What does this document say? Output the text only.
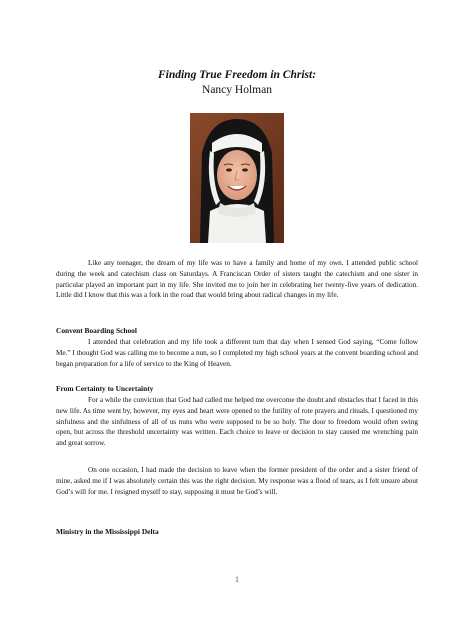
Finding True Freedom in Christ:
Nancy Holman

Like any teenager, the dream of my life was to have a family and home of my own. I attended public school during the week and catechism class on Saturdays. A Franciscan Order of sisters taught the catechism and one sister in particular played an important part in my life. She invited me to join her in celebrating her twenty-five years of dedication. Little did I know that this was a fork in the road that would bring about radical changes in my life.

Convent Boarding School

I attended that celebration and my life took a different turn that day when I sensed God saying, “Come follow Me.” I thought God was calling me to become a nun, so I completed my high school years at the convent boarding school and began preparation for a life of service to the King of Heaven.

From Certainty to Uncertainty

For a while the conviction that God had called me helped me overcome the doubt and obstacles that I faced in this new life. As time went by, however, my eyes and heart were opened to the futility of rote prayers and rituals. I questioned my sinfulness and the sinfulness of all of us nuns who were supposed to be so holy. The door to freedom would often swing open, but across the threshold uncertainty was written. Each choice to leave or decision to stay caused me wrenching pain and great sorrow.

On one occasion, I had made the decision to leave when the former president of the order and a sister friend of mine, asked me if I was absolutely certain this was the right decision. My response was a flood of tears, as I felt unsure about God’s will for me. I resigned myself to stay, supposing it must be God’s will.

Ministry in the Mississippi Delta

1
